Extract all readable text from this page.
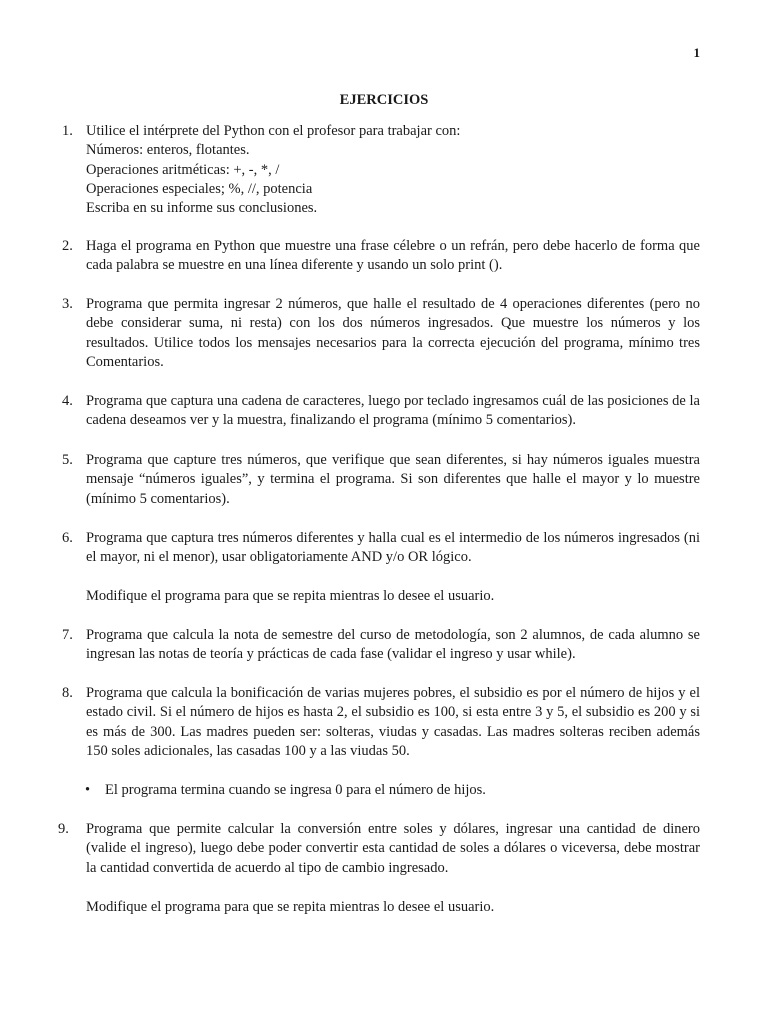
1
EJERCICIOS
1. Utilice el intérprete del Python con el profesor para trabajar con:
Números: enteros, flotantes.
Operaciones aritméticas: +, -, *, /
Operaciones especiales; %, //, potencia
Escriba en su informe sus conclusiones.
2. Haga el programa en Python que muestre una frase célebre o un refrán, pero debe hacerlo de forma que cada palabra se muestre en una línea diferente y usando un solo print ().
3. Programa que permita ingresar 2 números, que halle el resultado de 4 operaciones diferentes (pero no debe considerar suma, ni resta) con los dos números ingresados. Que muestre los números y los resultados. Utilice todos los mensajes necesarios para la correcta ejecución del programa, mínimo tres Comentarios.
4. Programa que captura una cadena de caracteres, luego por teclado ingresamos cuál de las posiciones de la cadena deseamos ver y la muestra, finalizando el programa (mínimo 5 comentarios).
5. Programa que capture tres números, que verifique que sean diferentes, si hay números iguales muestra mensaje “números iguales”, y termina el programa. Si son diferentes que halle el mayor y lo muestre (mínimo 5 comentarios).
6. Programa que captura tres números diferentes y halla cual es el intermedio de los números ingresados (ni el mayor, ni el menor), usar obligatoriamente AND y/o OR lógico.
Modifique el programa para que se repita mientras lo desee el usuario.
7. Programa que calcula la nota de semestre del curso de metodología, son 2 alumnos, de cada alumno se ingresan las notas de teoría y prácticas de cada fase (validar el ingreso y usar while).
8. Programa que calcula la bonificación de varias mujeres pobres, el subsidio es por el número de hijos y el estado civil. Si el número de hijos es hasta 2, el subsidio es 100, si esta entre 3 y 5, el subsidio es 200 y si es más de 300. Las madres pueden ser: solteras, viudas y casadas. Las madres solteras reciben además 150 soles adicionales, las casadas 100 y a las viudas 50.
•	El programa termina cuando se ingresa 0 para el número de hijos.
9.	Programa que permite calcular la conversión entre soles y dólares, ingresar una cantidad de dinero (valide el ingreso), luego debe poder convertir esta cantidad de soles a dólares o viceversa, debe mostrar la cantidad convertida de acuerdo al tipo de cambio ingresado.
Modifique el programa para que se repita mientras lo desee el usuario.
